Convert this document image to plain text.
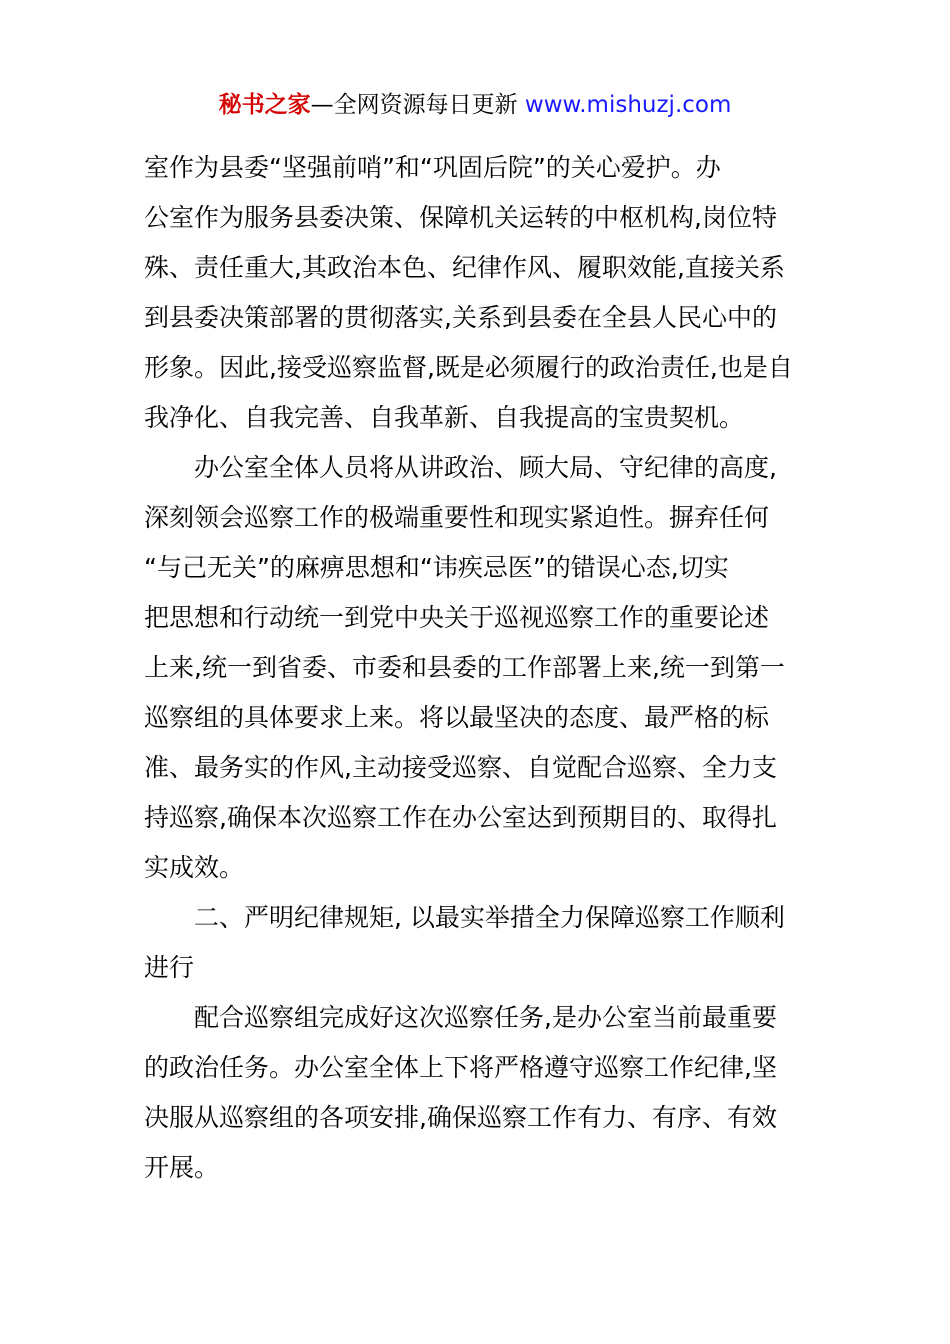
秘书之家—全网资源每日更新 www.mishuzj.com
室作为县委“坚强前哨”和“巩固后院”的关心爱护。办
公室作为服务县委决策、保障机关运转的中枢机构,岗位特
殊、责任重大,其政治本色、纪律作风、履职效能,直接关系
到县委决策部署的贯彻落实,关系到县委在全县人民心中的
形象。因此,接受巡察监督,既是必须履行的政治责任,也是自
我净化、自我完善、自我革新、自我提高的宝贵契机。
办公室全体人员将从讲政治、顾大局、守纪律的高度,
深刻领会巡察工作的极端重要性和现实紧迫性。摒弃任何
“与己无关”的麻痹思想和“讳疾忌医”的错误心态,切实
把思想和行动统一到党中央关于巡视巡察工作的重要论述
上来,统一到省委、市委和县委的工作部署上来,统一到第一
巡察组的具体要求上来。将以最坚决的态度、最严格的标
准、最务实的作风,主动接受巡察、自觉配合巡察、全力支
持巡察,确保本次巡察工作在办公室达到预期目的、取得扎
实成效。
二、严明纪律规矩, 以最实举措全力保障巡察工作顺利
进行
配合巡察组完成好这次巡察任务,是办公室当前最重要
的政治任务。办公室全体上下将严格遵守巡察工作纪律,坚
决服从巡察组的各项安排,确保巡察工作有力、有序、有效
开展。
